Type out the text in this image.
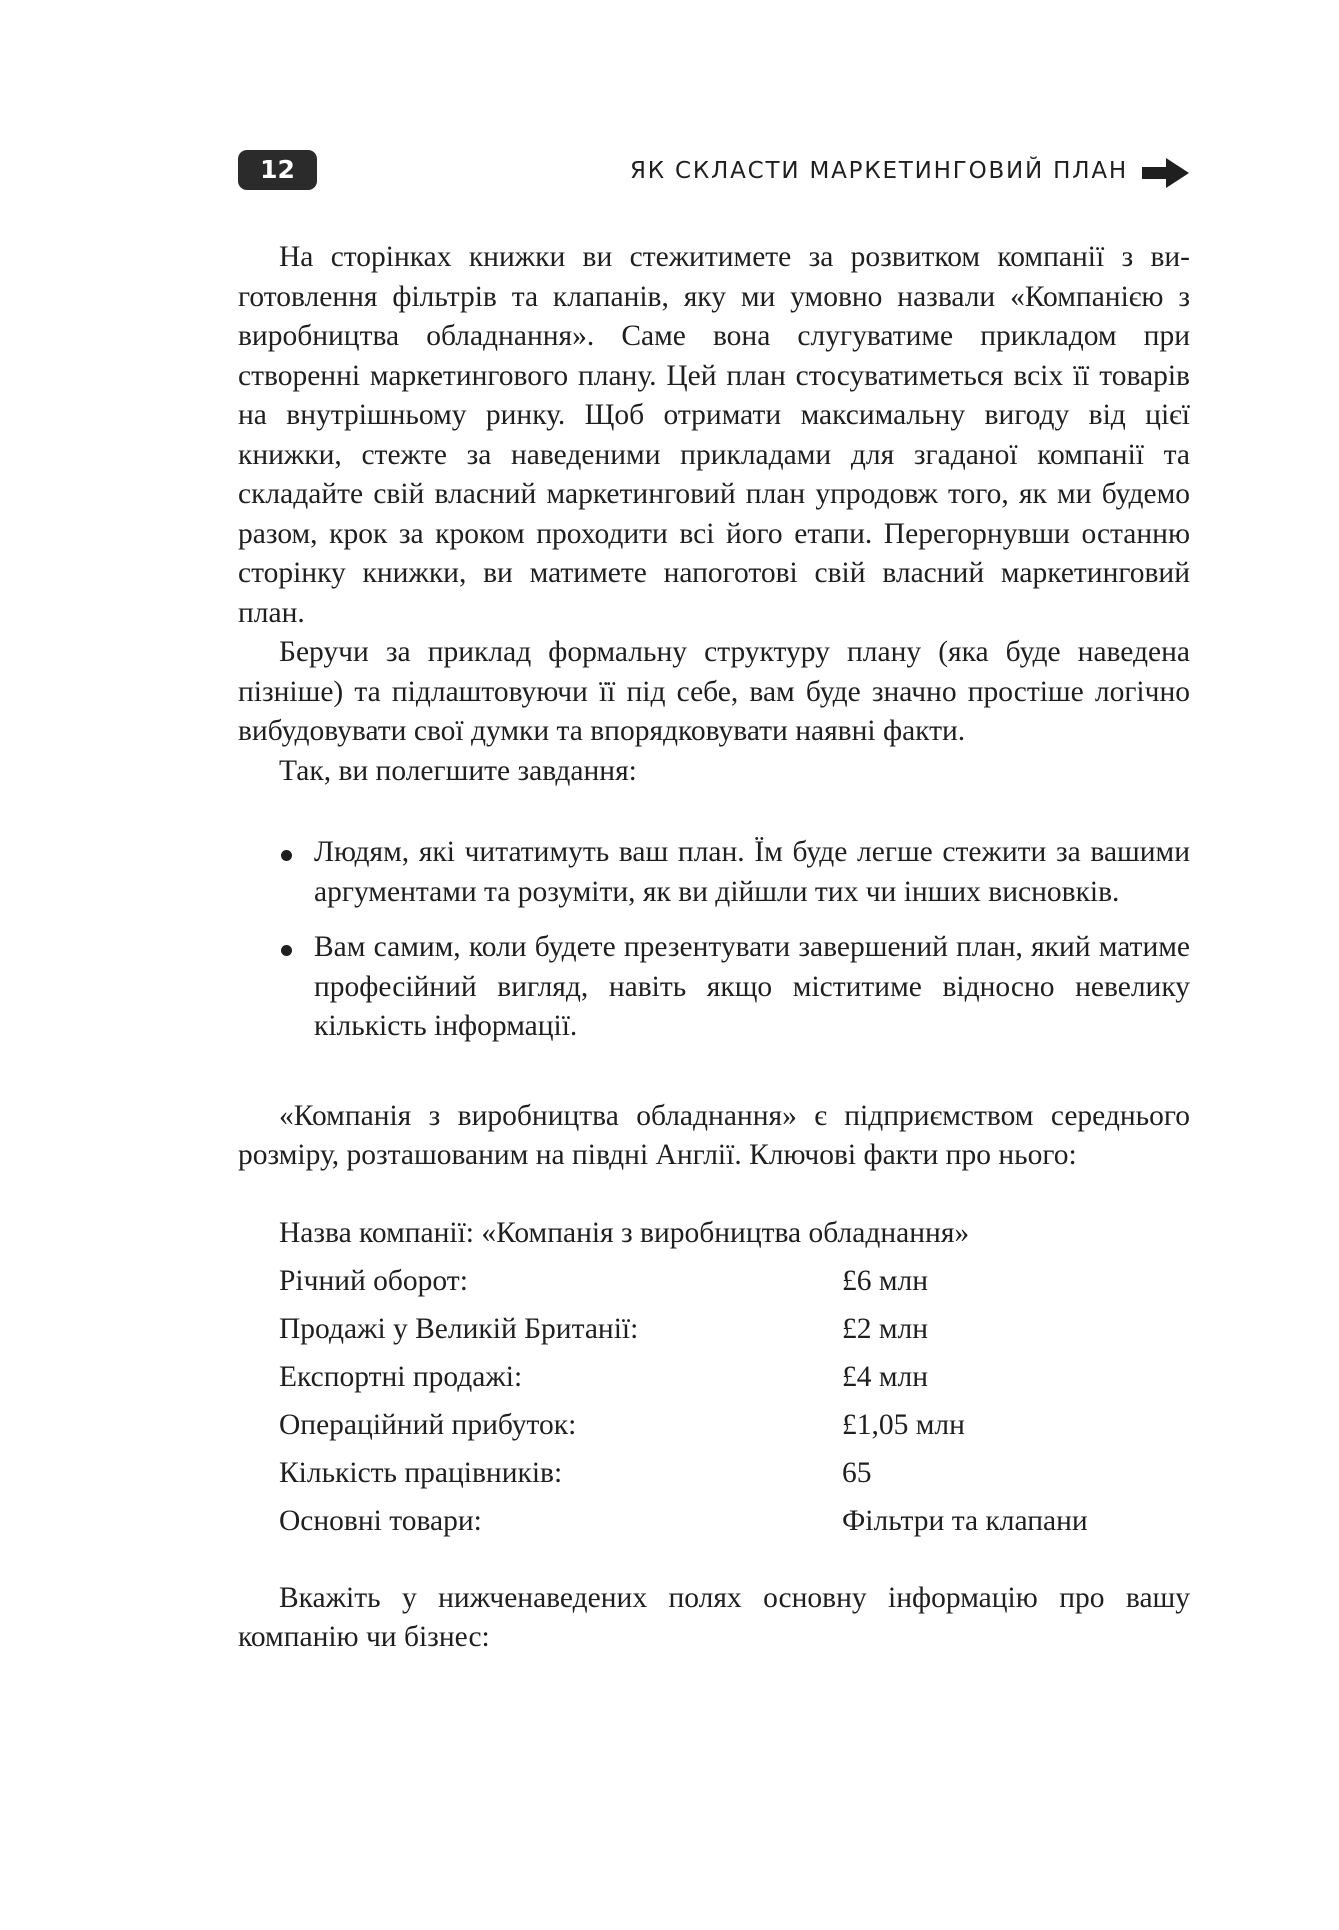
12	ЯК СКЛАСТИ МАРКЕТИНГОВИЙ ПЛАН

На сторінках книжки ви стежитимете за розвитком компанії з виготовлення фільтрів та клапанів, яку ми умовно назвали «Компанією з виробництва обладнання». Саме вона слугуватиме прикладом при створенні маркетингового плану. Цей план стосуватиметься всіх її товарів на внутрішньому ринку. Щоб отримати максимальну вигоду від цієї книжки, стежте за наведеними прикладами для згаданої компанії та складайте свій власний маркетинговий план упродовж того, як ми будемо разом, крок за кроком проходити всі його етапи. Перегорнувши останню сторінку книжки, ви матимете напоготові свій власний маркетинговий план.

Беручи за приклад формальну структуру плану (яка буде наведена пізніше) та підлаштовуючи її під себе, вам буде значно простіше логічно вибудовувати свої думки та впорядковувати наявні факти.

Так, ви полегшите завдання:

Людям, які читатимуть ваш план. Їм буде легше стежити за вашими аргументами та розуміти, як ви дійшли тих чи інших висновків.
Вам самим, коли будете презентувати завершений план, який матиме професійний вигляд, навіть якщо міститиме відносно невелику кількість інформації.

«Компанія з виробництва обладнання» є підприємством середнього розміру, розташованим на півдні Англії. Ключові факти про нього:

Назва компанії: «Компанія з виробництва обладнання»
Річний оборот:	£6 млн
Продажі у Великій Британії:	£2 млн
Експортні продажі:	£4 млн
Операційний прибуток:	£1,05 млн
Кількість працівників:	65
Основні товари:	Фільтри та клапани

Вкажіть у нижченаведених полях основну інформацію про вашу компанію чи бізнес:
